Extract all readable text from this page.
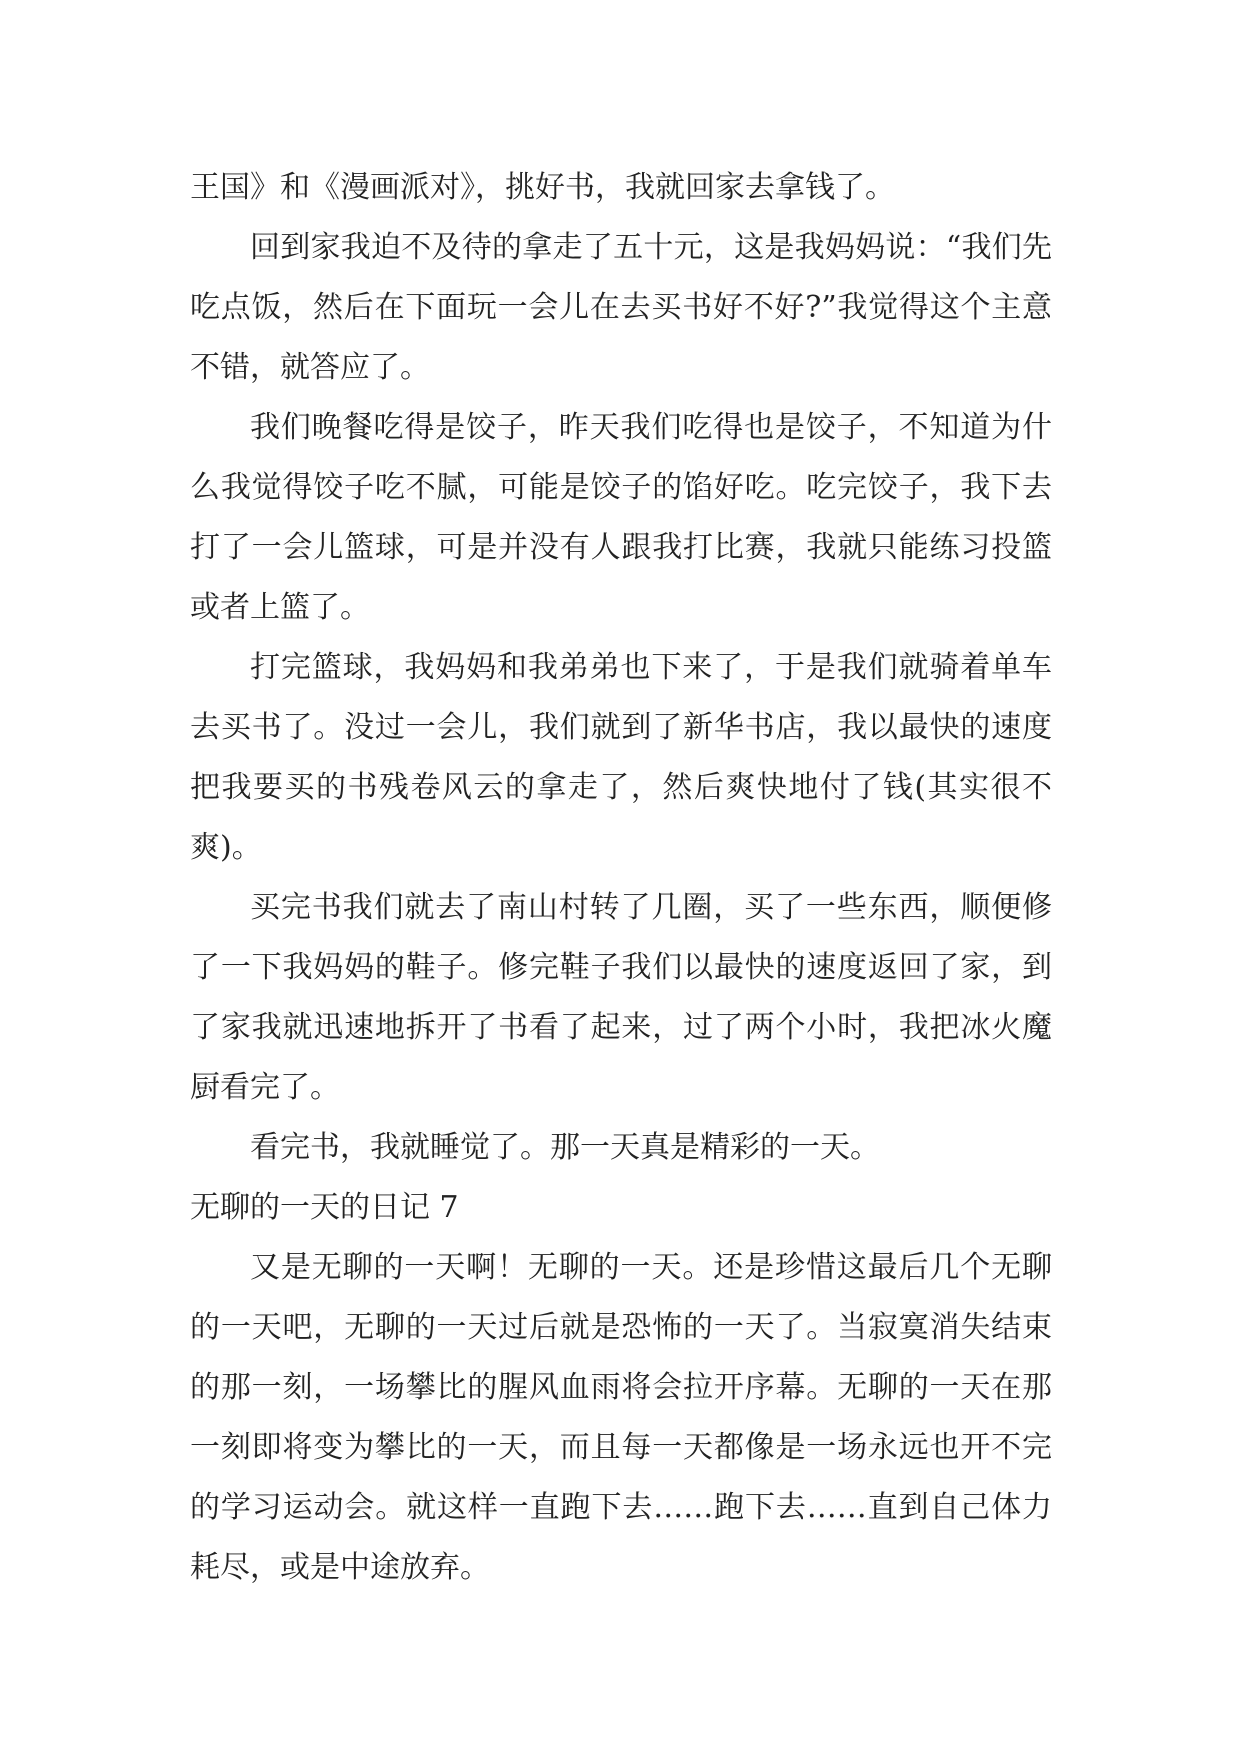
王国》和《漫画派对》，挑好书，我就回家去拿钱了。

回到家我迫不及待的拿走了五十元，这是我妈妈说：“我们先吃点饭，然后在下面玩一会儿在去买书好不好?”我觉得这个主意不错，就答应了。

我们晚餐吃得是饺子，昨天我们吃得也是饺子，不知道为什么我觉得饺子吃不腻，可能是饺子的馅好吃。吃完饺子，我下去打了一会儿篮球，可是并没有人跟我打比赛，我就只能练习投篮或者上篮了。

打完篮球，我妈妈和我弟弟也下来了，于是我们就骑着单车去买书了。没过一会儿，我们就到了新华书店，我以最快的速度把我要买的书残卷风云的拿走了，然后爽快地付了钱(其实很不爽)。

买完书我们就去了南山村转了几圈，买了一些东西，顺便修了一下我妈妈的鞋子。修完鞋子我们以最快的速度返回了家，到了家我就迅速地拆开了书看了起来，过了两个小时，我把冰火魔厨看完了。

看完书，我就睡觉了。那一天真是精彩的一天。

无聊的一天的日记 7

又是无聊的一天啊！无聊的一天。还是珍惜这最后几个无聊的一天吧，无聊的一天过后就是恐怖的一天了。当寂寞消失结束的那一刻，一场攀比的腥风血雨将会拉开序幕。无聊的一天在那一刻即将变为攀比的一天，而且每一天都像是一场永远也开不完的学习运动会。就这样一直跑下去……跑下去……直到自己体力耗尽，或是中途放弃。
